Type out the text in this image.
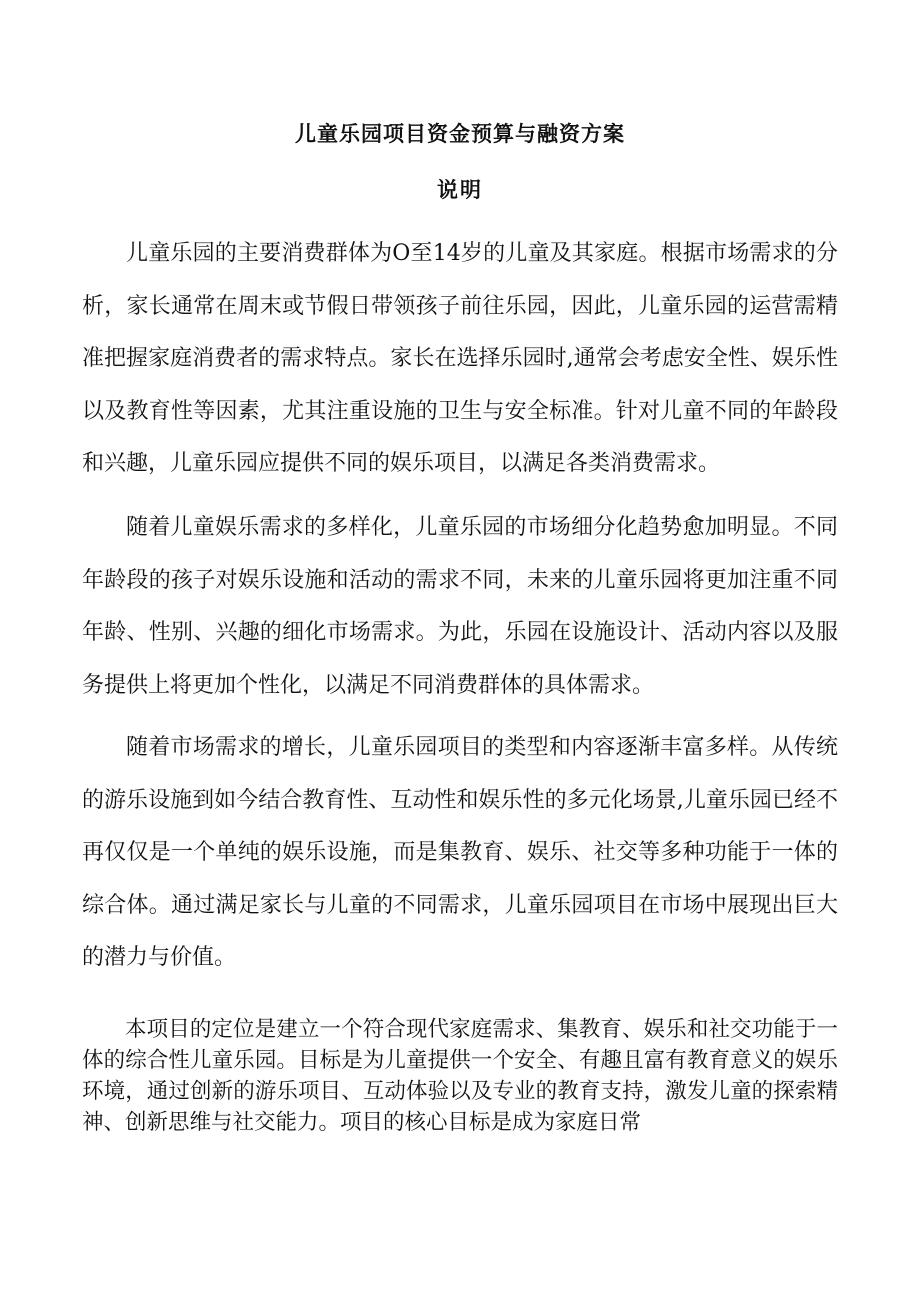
儿童乐园项目资金预算与融资方案
说明

儿童乐园的主要消费群体为O至14岁的儿童及其家庭。根据市场需求的分析，家长通常在周末或节假日带领孩子前往乐园，因此，儿童乐园的运营需精准把握家庭消费者的需求特点。家长在选择乐园时,通常会考虑安全性、娱乐性以及教育性等因素，尤其注重设施的卫生与安全标准。针对儿童不同的年龄段和兴趣，儿童乐园应提供不同的娱乐项目，以满足各类消费需求。

随着儿童娱乐需求的多样化，儿童乐园的市场细分化趋势愈加明显。不同年龄段的孩子对娱乐设施和活动的需求不同，未来的儿童乐园将更加注重不同年龄、性别、兴趣的细化市场需求。为此，乐园在设施设计、活动内容以及服务提供上将更加个性化，以满足不同消费群体的具体需求。

随着市场需求的增长，儿童乐园项目的类型和内容逐渐丰富多样。从传统的游乐设施到如今结合教育性、互动性和娱乐性的多元化场景,儿童乐园已经不再仅仅是一个单纯的娱乐设施，而是集教育、娱乐、社交等多种功能于一体的综合体。通过满足家长与儿童的不同需求，儿童乐园项目在市场中展现出巨大的潜力与价值。

本项目的定位是建立一个符合现代家庭需求、集教育、娱乐和社交功能于一体的综合性儿童乐园。目标是为儿童提供一个安全、有趣且富有教育意义的娱乐环境，通过创新的游乐项目、互动体验以及专业的教育支持，激发儿童的探索精神、创新思维与社交能力。项目的核心目标是成为家庭日常
